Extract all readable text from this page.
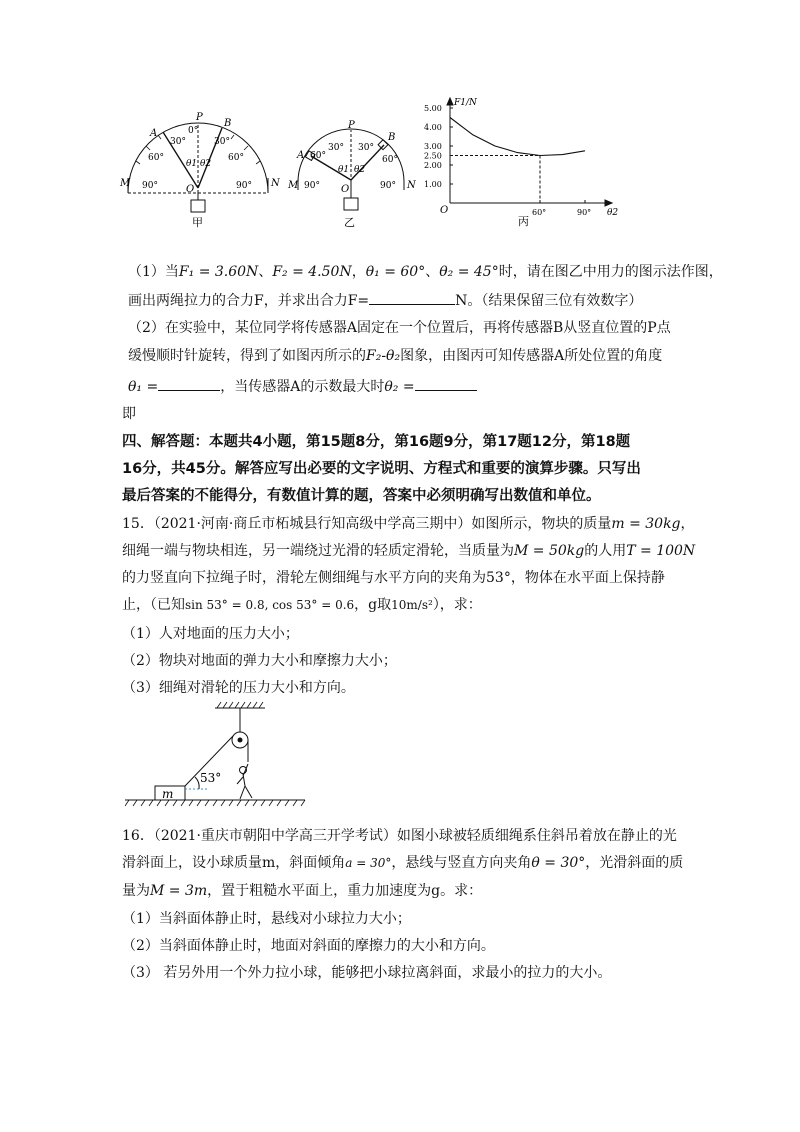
P
0°
A
B
30°	30°
60°	60°
90°	90°
θ1 θ2
M	N
O
甲
P
A
B
30° 30°
60°	60°
90°	90°
θ1 θ2
M	N
O
乙
5.00
4.00
3.00
2.50
2.00
1.00
60°	90°
F1/N
θ2
O
丙
（1）当F₁ = 3.60N、F₂ = 4.50N，θ₁ = 60°、θ₂ = 45°时，请在图乙中用力的图示法作图，
画出两绳拉力的合力F，并求出合力F=	N。（结果保留三位有效数字）
（2）在实验中，某位同学将传感器A固定在一个位置后，再将传感器B从竖直位置的P点
缓慢顺时针旋转，得到了如图丙所示的F₂-θ₂图象，由图丙可知传感器A所处位置的角度
θ₁ =	，当传感器A的示数最大时θ₂ =
即
四、解答题：本题共4小题，第15题8分，第16题9分，第17题12分，第18题
16分，共45分。解答应写出必要的文字说明、方程式和重要的演算步骤。只写出
最后答案的不能得分，有数值计算的题，答案中必须明确写出数值和单位。
15．（2021·河南·商丘市柘城县行知高级中学高三期中）如图所示，物块的质量m = 30kg，
细绳一端与物块相连，另一端绕过光滑的轻质定滑轮，当质量为M = 50kg的人用T = 100N
的力竖直向下拉绳子时，滑轮左侧细绳与水平方向的夹角为53°，物体在水平面上保持静
止，（已知sin 53° = 0.8, cos 53° = 0.6，g取10m/s²），求：
（1）人对地面的压力大小；
（2）物块对地面的弹力大小和摩擦力大小；
（3）细绳对滑轮的压力大小和方向。
m
53°
16．（2021·重庆市朝阳中学高三开学考试）如图小球被轻质细绳系住斜吊着放在静止的光
滑斜面上，设小球质量m，斜面倾角a = 30°，悬线与竖直方向夹角θ = 30°，光滑斜面的质
量为M = 3m，置于粗糙水平面上，重力加速度为g。求：
（1）当斜面体静止时，悬线对小球拉力大小；
（2）当斜面体静止时，地面对斜面的摩擦力的大小和方向。
（3） 若另外用一个外力拉小球，能够把小球拉离斜面，求最小的拉力的大小。
